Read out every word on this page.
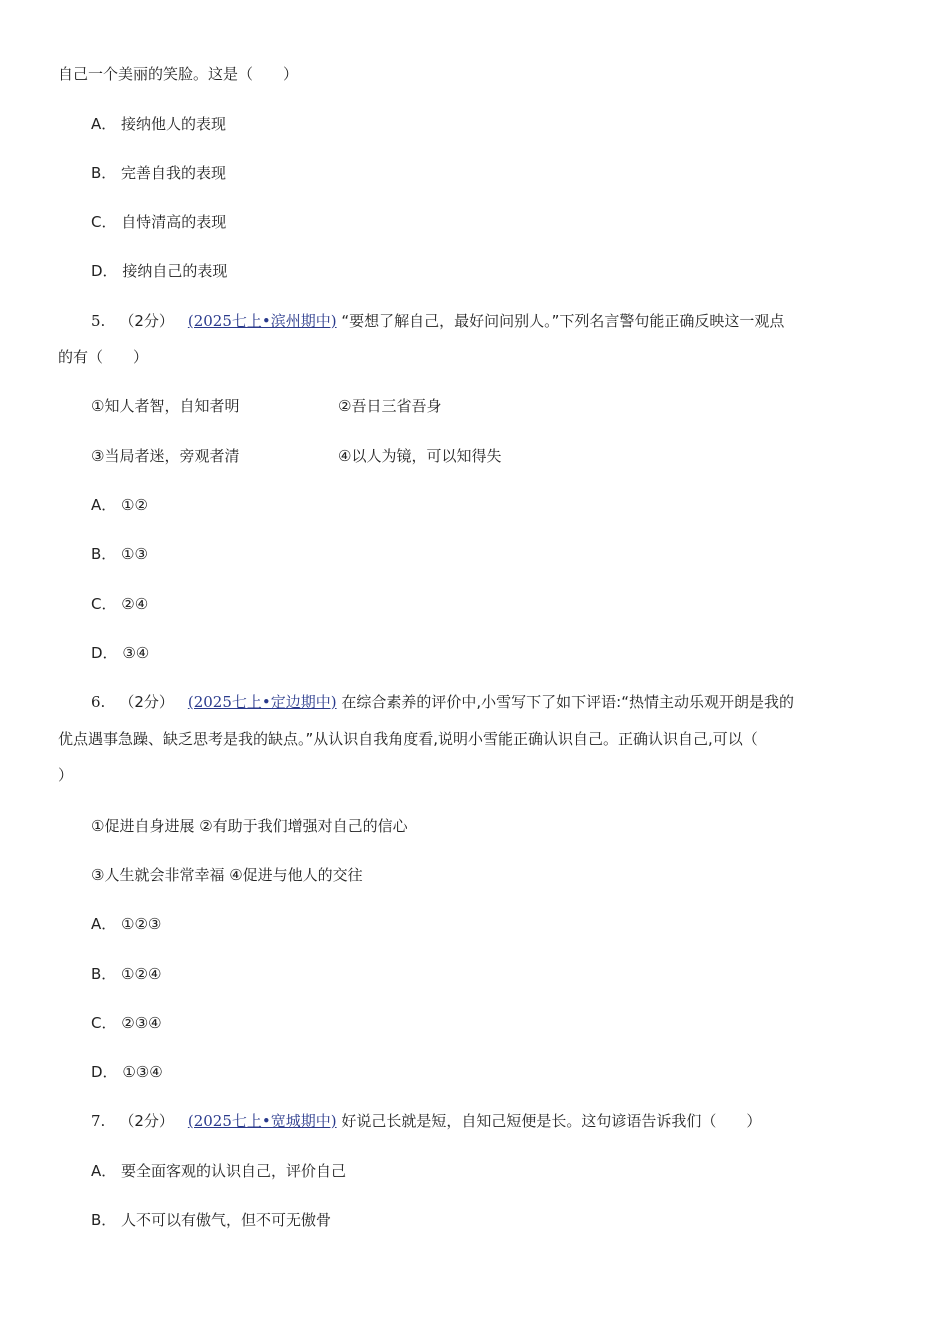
自己一个美丽的笑脸。这是（　　）
A． 接纳他人的表现
B． 完善自我的表现
C． 自恃清高的表现
D． 接纳自己的表现
5. （2分） (2025七上•滨州期中) “要想了解自己，最好问问别人。”下列名言警句能正确反映这一观点
的有（　　）
①知人者智，自知者明	②吾日三省吾身
③当局者迷，旁观者清	④以人为镜，可以知得失
A． ①②
B． ①③
C． ②④
D． ③④
6. （2分） (2025七上•定边期中) 在综合素养的评价中,小雪写下了如下评语:“热情主动乐观开朗是我的
优点遇事急躁、缺乏思考是我的缺点。”从认识自我角度看,说明小雪能正确认识自己。正确认识自己,可以（
）
①促进自身进展 ②有助于我们增强对自己的信心
③人生就会非常幸福 ④促进与他人的交往
A． ①②③
B． ①②④
C． ②③④
D． ①③④
7. （2分） (2025七上•宽城期中) 好说己长就是短，自知己短便是长。这句谚语告诉我们（　　）
A． 要全面客观的认识自己，评价自己
B． 人不可以有傲气，但不可无傲骨
